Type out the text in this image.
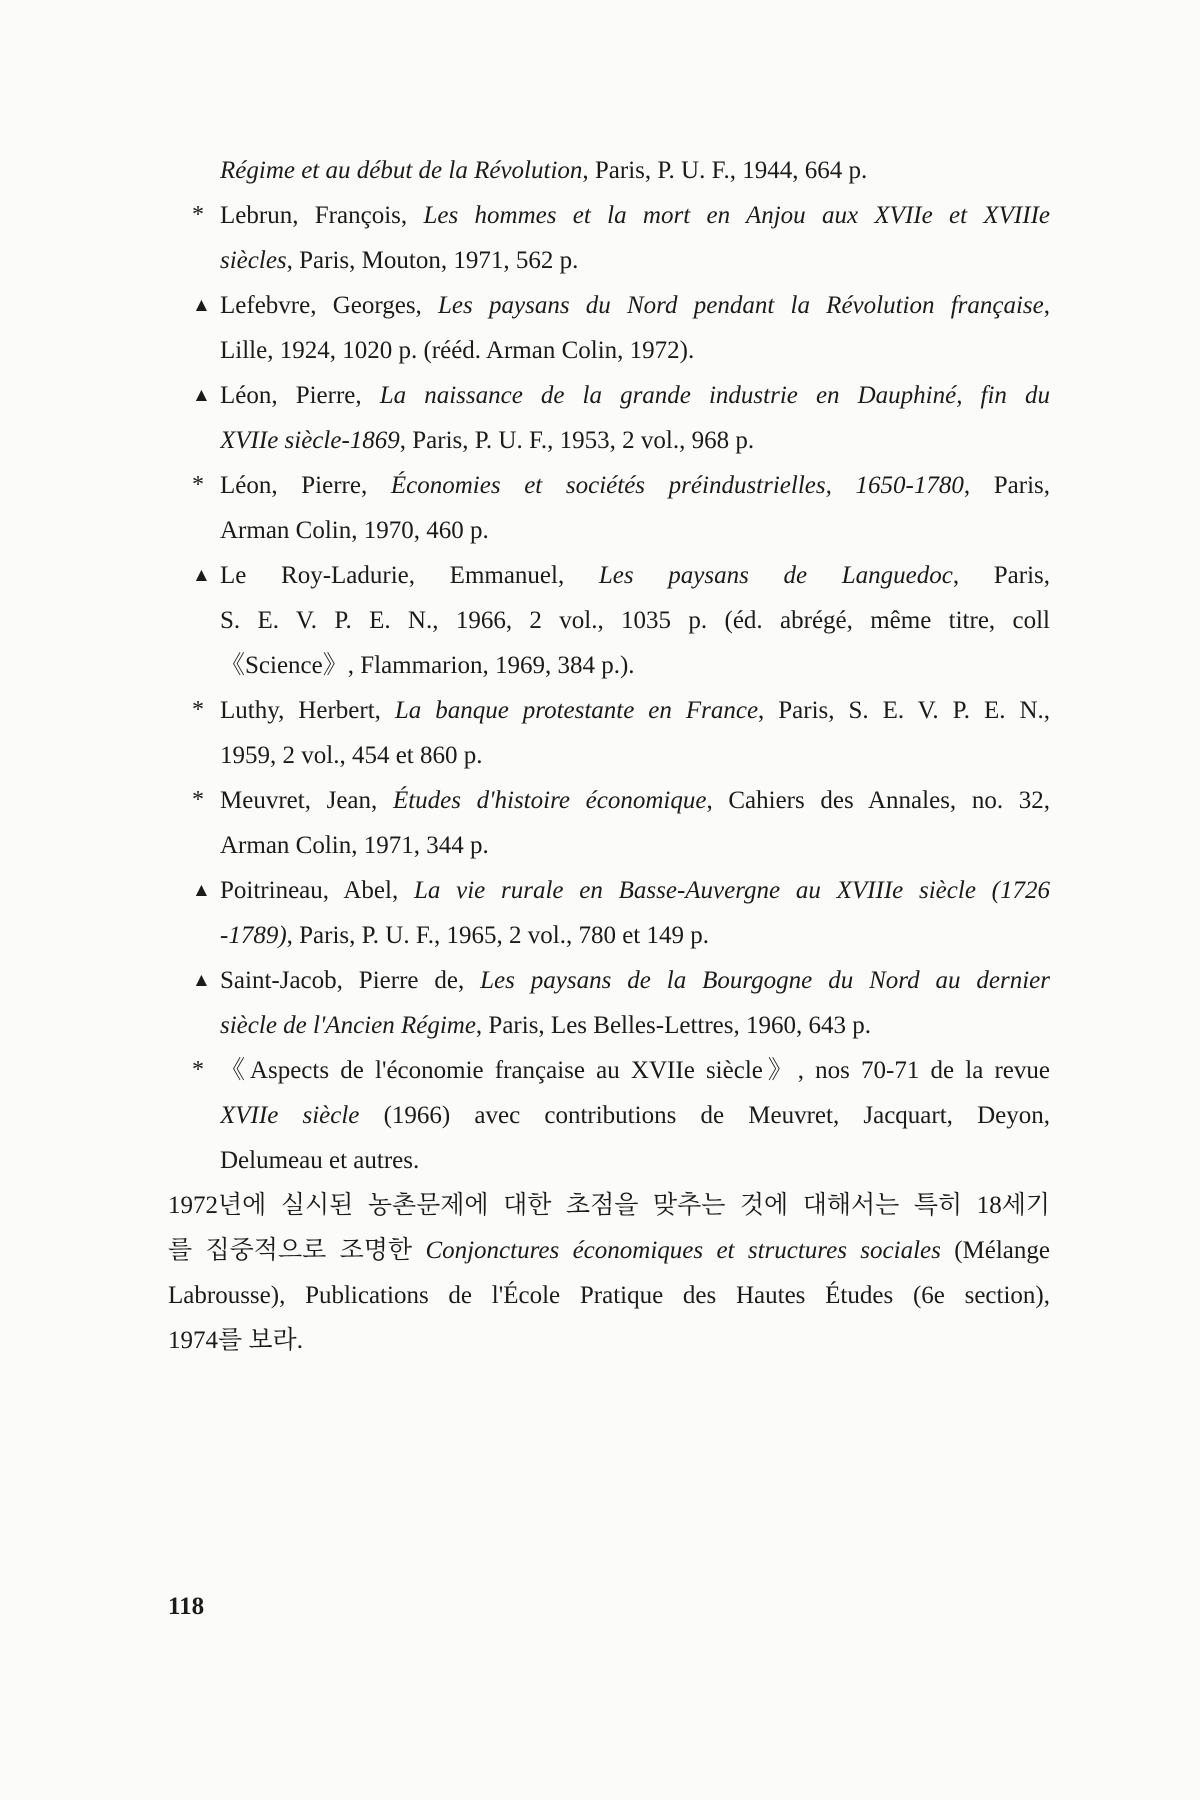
Régime et au début de la Révolution, Paris, P. U. F., 1944, 664 p.
* Lebrun, François, Les hommes et la mort en Anjou aux XVIIe et XVIIIe
siècles, Paris, Mouton, 1971, 562 p.
▲ Lefebvre, Georges, Les paysans du Nord pendant la Révolution française,
Lille, 1924, 1020 p. (rééd. Arman Colin, 1972).
▲ Léon, Pierre, La naissance de la grande industrie en Dauphiné, fin du
XVIIe siècle-1869, Paris, P. U. F., 1953, 2 vol., 968 p.
* Léon, Pierre, Économies et sociétés préindustrielles, 1650-1780, Paris,
Arman Colin, 1970, 460 p.
▲ Le Roy-Ladurie, Emmanuel, Les paysans de Languedoc, Paris,
S. E. V. P. E. N., 1966, 2 vol., 1035 p. (éd. abrégé, même titre, coll
《Science》, Flammarion, 1969, 384 p.).
* Luthy, Herbert, La banque protestante en France, Paris, S. E. V. P. E. N.,
1959, 2 vol., 454 et 860 p.
* Meuvret, Jean, Études d'histoire économique, Cahiers des Annales, no. 32,
Arman Colin, 1971, 344 p.
▲ Poitrineau, Abel, La vie rurale en Basse-Auvergne au XVIIIe siècle (1726
-1789), Paris, P. U. F., 1965, 2 vol., 780 et 149 p.
▲ Saint-Jacob, Pierre de, Les paysans de la Bourgogne du Nord au dernier
siècle de l'Ancien Régime, Paris, Les Belles-Lettres, 1960, 643 p.
* 《Aspects de l'économie française au XVIIe siècle》, nos 70-71 de la revue
XVIIe siècle (1966) avec contributions de Meuvret, Jacquart, Deyon,
Delumeau et autres.
1972년에 실시된 농촌문제에 대한 초점을 맞추는 것에 대해서는 특히 18세기
를 집중적으로 조명한 Conjonctures économiques et structures sociales (Mélange
Labrousse), Publications de l'École Pratique des Hautes Études (6e section),
1974를 보라.
118
